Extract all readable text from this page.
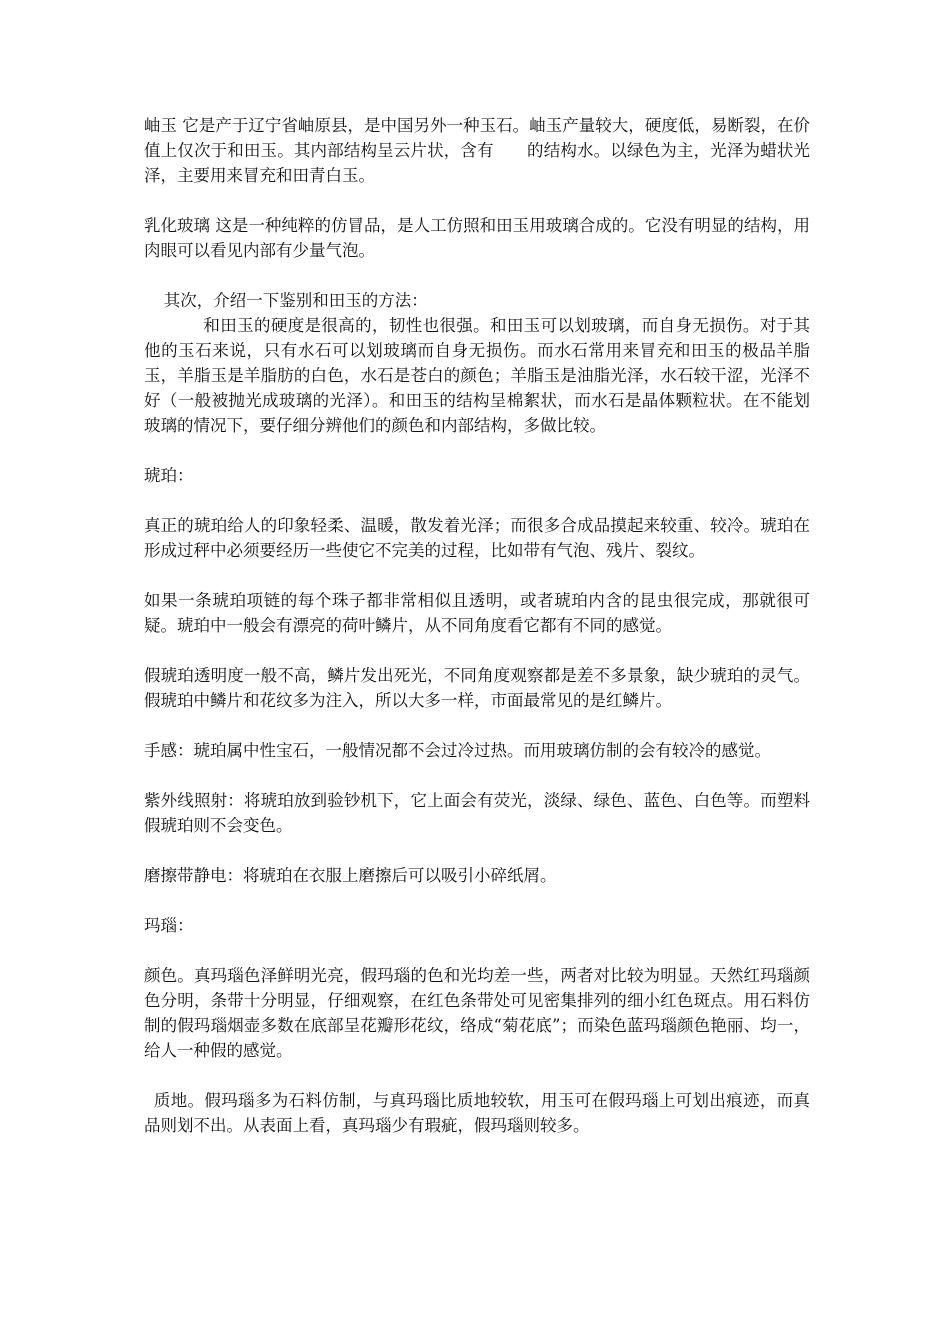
岫玉 它是产于辽宁省岫原县，是中国另外一种玉石。岫玉产量较大，硬度低，易断裂，在价值上仅次于和田玉。其内部结构呈云片状，含有　　的结构水。以绿色为主，光泽为蜡状光泽，主要用来冒充和田青白玉。

乳化玻璃 这是一种纯粹的仿冒品，是人工仿照和田玉用玻璃合成的。它没有明显的结构，用肉眼可以看见内部有少量气泡。

其次，介绍一下鉴别和田玉的方法：

和田玉的硬度是很高的，韧性也很强。和田玉可以划玻璃，而自身无损伤。对于其他的玉石来说，只有水石可以划玻璃而自身无损伤。而水石常用来冒充和田玉的极品羊脂玉，羊脂玉是羊脂肪的白色，水石是苍白的颜色；羊脂玉是油脂光泽，水石较干涩，光泽不好（一般被抛光成玻璃的光泽）。和田玉的结构呈棉絮状，而水石是晶体颗粒状。在不能划玻璃的情况下，要仔细分辨他们的颜色和内部结构，多做比较。

琥珀：

真正的琥珀给人的印象轻柔、温暖，散发着光泽；而很多合成品摸起来较重、较冷。琥珀在形成过秤中必须要经历一些使它不完美的过程，比如带有气泡、残片、裂纹。

如果一条琥珀项链的每个珠子都非常相似且透明，或者琥珀内含的昆虫很完成，那就很可疑。琥珀中一般会有漂亮的荷叶鳞片，从不同角度看它都有不同的感觉。

假琥珀透明度一般不高，鳞片发出死光，不同角度观察都是差不多景象，缺少琥珀的灵气。假琥珀中鳞片和花纹多为注入，所以大多一样，市面最常见的是红鳞片。

手感：琥珀属中性宝石，一般情况都不会过冷过热。而用玻璃仿制的会有较冷的感觉。

紫外线照射：将琥珀放到验钞机下，它上面会有荧光，淡绿、绿色、蓝色、白色等。而塑料假琥珀则不会变色。

磨擦带静电：将琥珀在衣服上磨擦后可以吸引小碎纸屑。

玛瑙：

颜色。真玛瑙色泽鲜明光亮，假玛瑙的色和光均差一些，两者对比较为明显。天然红玛瑙颜色分明，条带十分明显，仔细观察，在红色条带处可见密集排列的细小红色斑点。用石料仿制的假玛瑙烟壶多数在底部呈花瓣形花纹，络成“菊花底”；而染色蓝玛瑙颜色艳丽、均一，给人一种假的感觉。

质地。假玛瑙多为石料仿制，与真玛瑙比质地较软，用玉可在假玛瑙上可划出痕迹，而真品则划不出。从表面上看，真玛瑙少有瑕疵，假玛瑙则较多。
